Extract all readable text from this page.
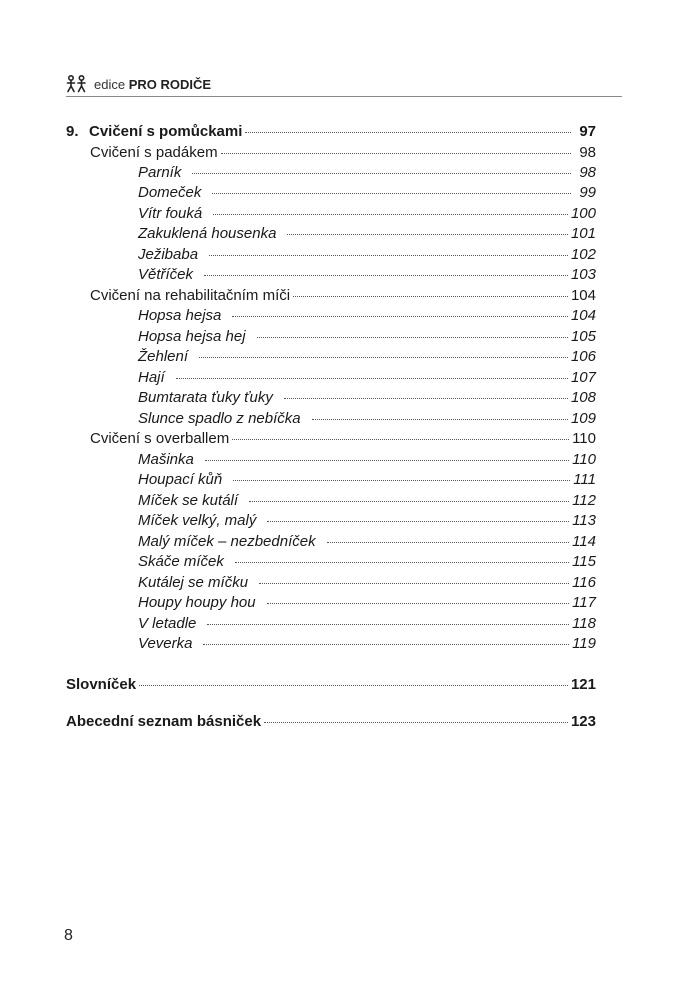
edice PRO RODIČE
9. Cvičení s pomůckami	97
Cvičení s padákem	98
Parník	98
Domeček	99
Vítr fouká	100
Zakuklená housenka	101
Ježibaba	102
Větříček	103
Cvičení na rehabilitačním míči	104
Hopsa hejsa	104
Hopsa hejsa hej	105
Žehlení	106
Hají	107
Bumtarata ťuky ťuky	108
Slunce spadlo z nebíčka	109
Cvičení s overballem	110
Mašinka	110
Houpací kůň	111
Míček se kutálí	112
Míček velký, malý	113
Malý míček – nezbedníček	114
Skáče míček	115
Kutálej se míčku	116
Houpy houpy hou	117
V letadle	118
Veverka	119
Slovníček	121
Abecední seznam básniček	123
8
